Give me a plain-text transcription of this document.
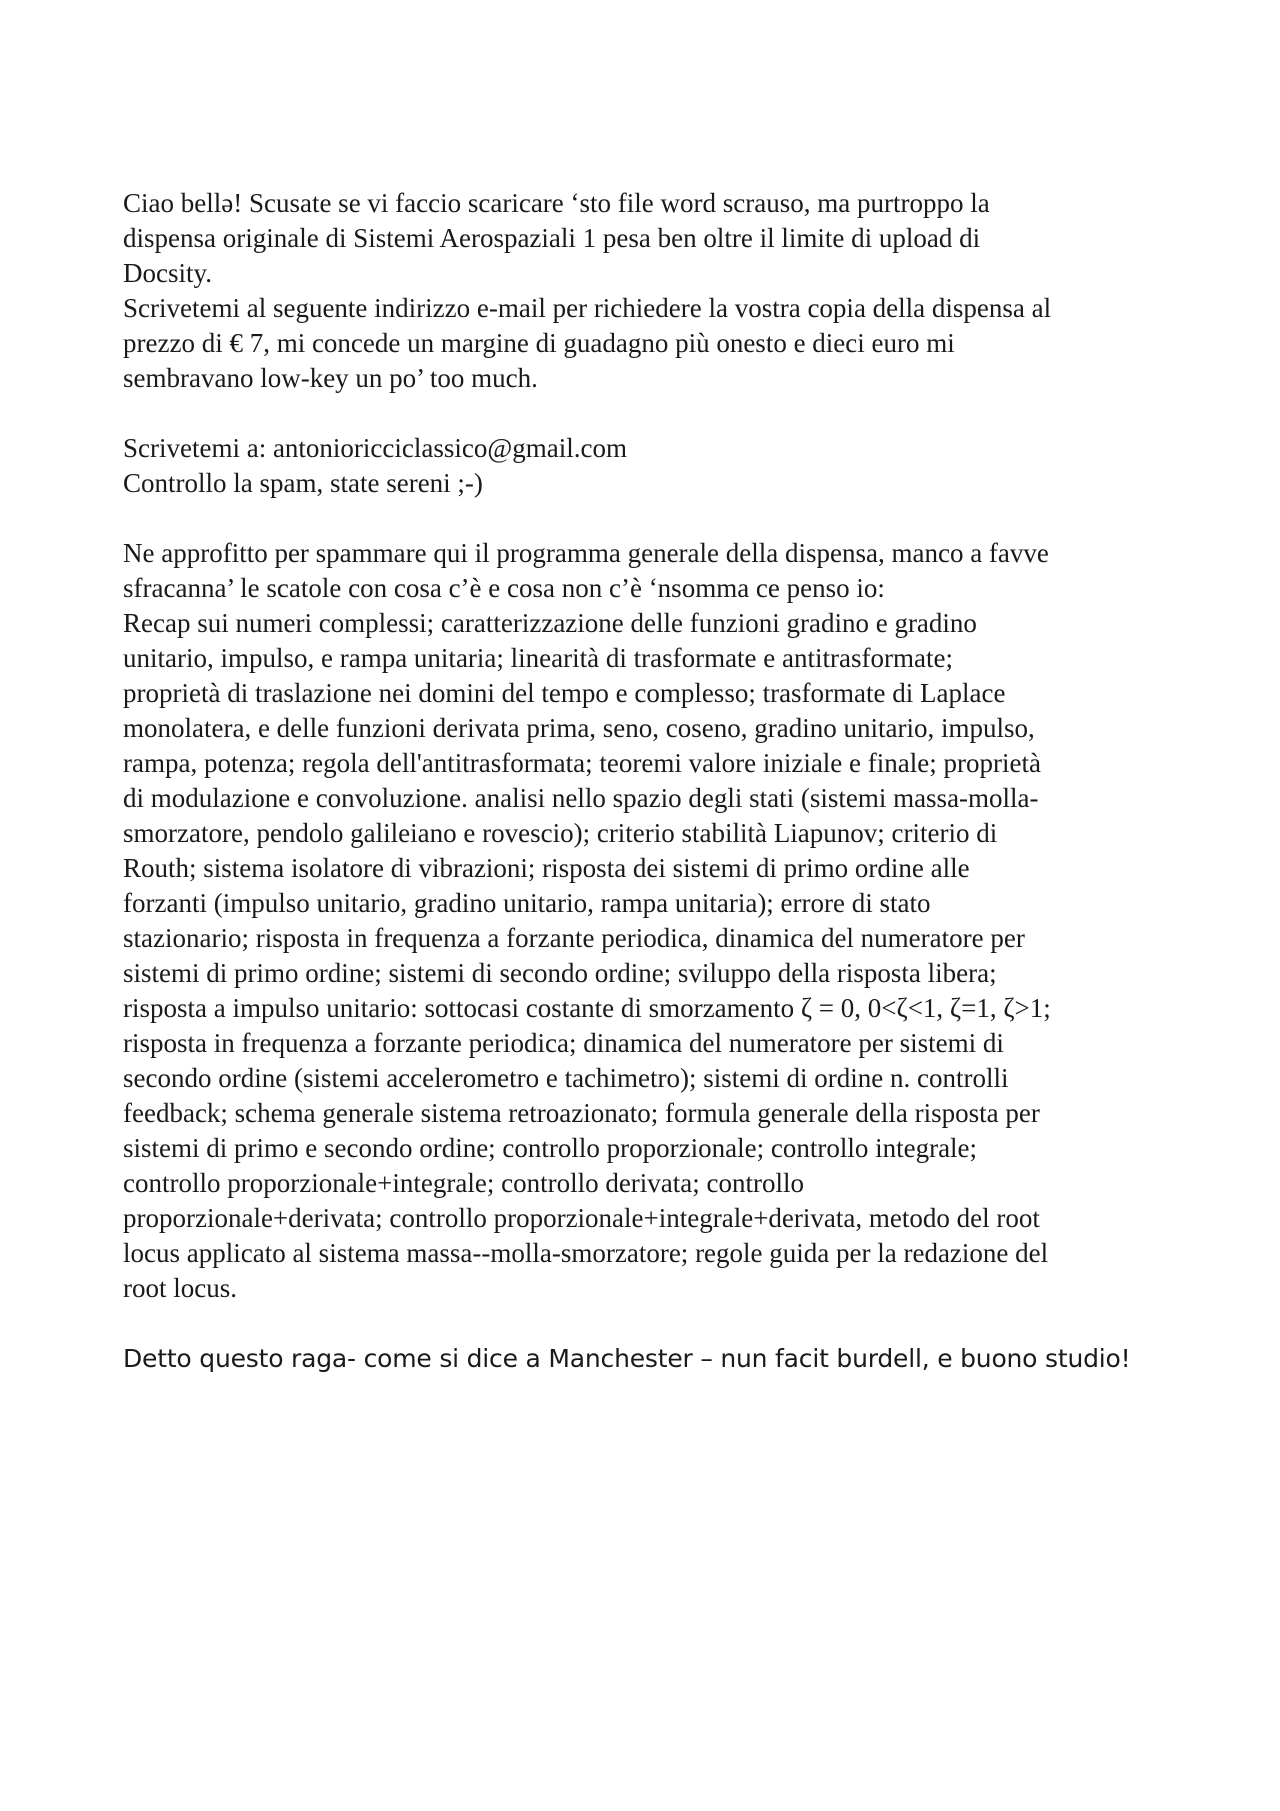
Ciao bellə! Scusate se vi faccio scaricare ‘sto file word scrauso, ma purtroppo la
dispensa originale di Sistemi Aerospaziali 1 pesa ben oltre il limite di upload di
Docsity.
Scrivetemi al seguente indirizzo e-mail per richiedere la vostra copia della dispensa al
prezzo di € 7, mi concede un margine di guadagno più onesto e dieci euro mi
sembravano low-key un po’ too much.
Scrivetemi a: antonioricciclassico@gmail.com
Controllo la spam, state sereni ;-)
Ne approfitto per spammare qui il programma generale della dispensa, manco a favve
sfracanna’ le scatole con cosa c’è e cosa non c’è ‘nsomma ce penso io:
Recap sui numeri complessi; caratterizzazione delle funzioni gradino e gradino
unitario, impulso, e rampa unitaria; linearità di trasformate e antitrasformate;
proprietà di traslazione nei domini del tempo e complesso; trasformate di Laplace
monolatera, e delle funzioni derivata prima, seno, coseno, gradino unitario, impulso,
rampa, potenza; regola dell'antitrasformata; teoremi valore iniziale e finale; proprietà
di modulazione e convoluzione. analisi nello spazio degli stati (sistemi massa-molla-
smorzatore, pendolo galileiano e rovescio); criterio stabilità Liapunov; criterio di
Routh; sistema isolatore di vibrazioni; risposta dei sistemi di primo ordine alle
forzanti (impulso unitario, gradino unitario, rampa unitaria); errore di stato
stazionario; risposta in frequenza a forzante periodica, dinamica del numeratore per
sistemi di primo ordine; sistemi di secondo ordine; sviluppo della risposta libera;
risposta a impulso unitario: sottocasi costante di smorzamento ζ = 0, 0<ζ<1, ζ=1, ζ>1;
risposta in frequenza a forzante periodica; dinamica del numeratore per sistemi di
secondo ordine (sistemi accelerometro e tachimetro); sistemi di ordine n. controlli
feedback; schema generale sistema retroazionato; formula generale della risposta per
sistemi di primo e secondo ordine; controllo proporzionale; controllo integrale;
controllo proporzionale+integrale; controllo derivata; controllo
proporzionale+derivata; controllo proporzionale+integrale+derivata, metodo del root
locus applicato al sistema massa--molla-smorzatore; regole guida per la redazione del
root locus.
Detto questo raga- come si dice a Manchester – nun facit burdell, e buono studio!
